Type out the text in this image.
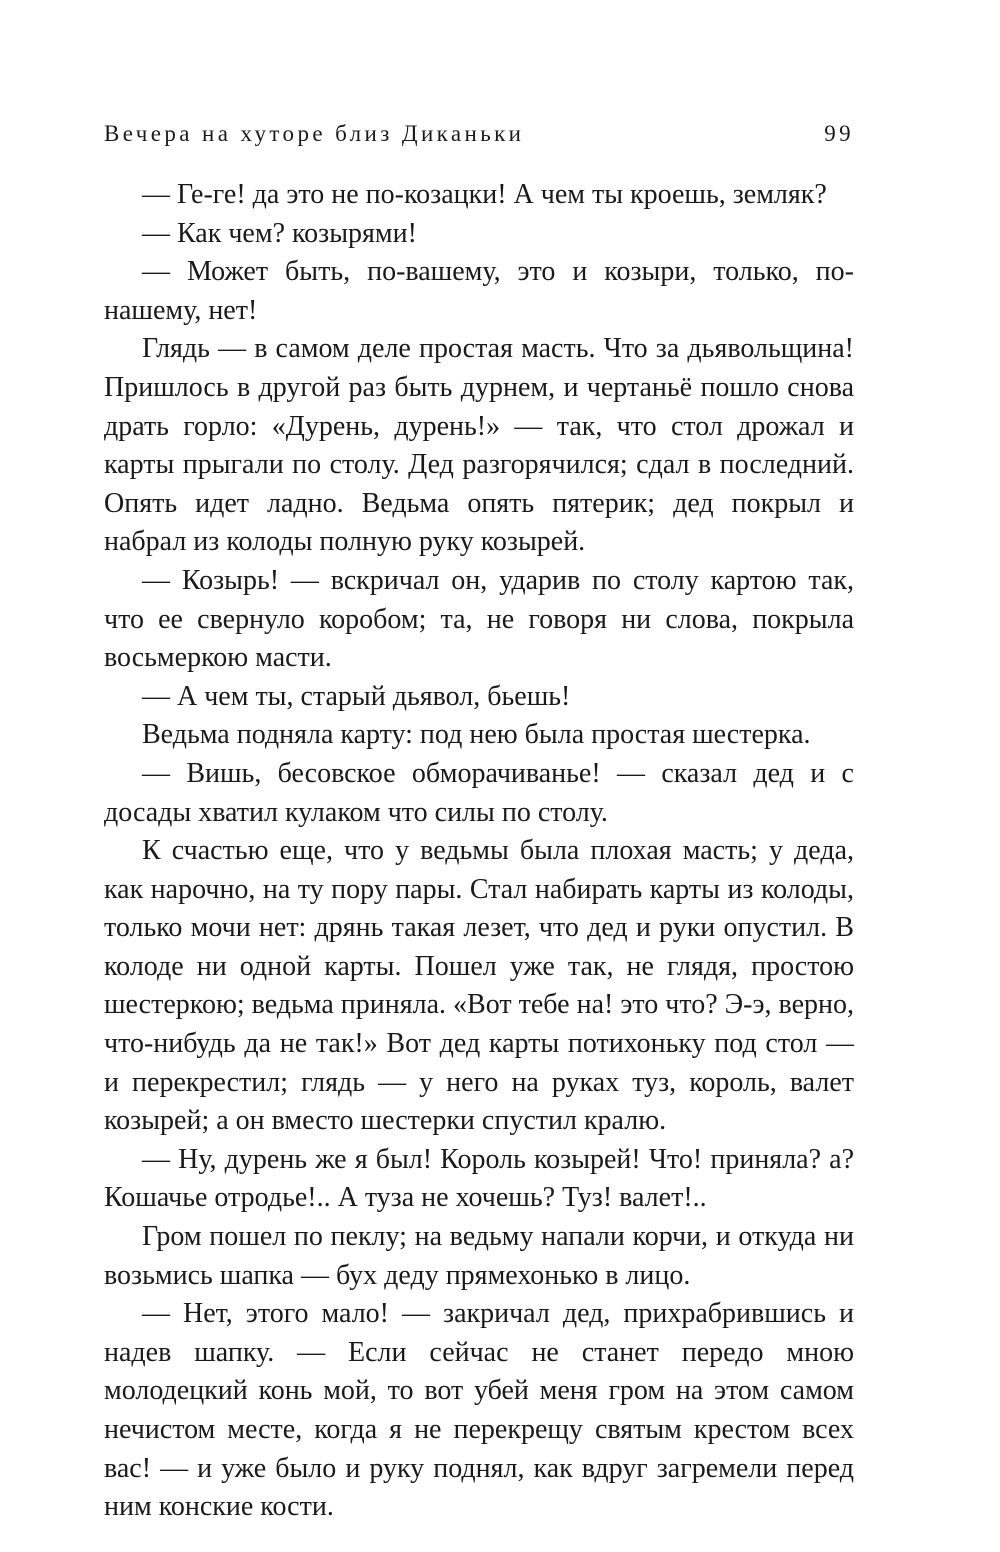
Вечера на хуторе близ Диканьки	99

— Ге-ге! да это не по-козацки! А чем ты кроешь, земляк?

— Как чем? козырями!

— Может быть, по-вашему, это и козыри, только, по-нашему, нет!

Глядь — в самом деле простая масть. Что за дьявольщина! Пришлось в другой раз быть дурнем, и чертаньё пошло снова драть горло: «Дурень, дурень!» — так, что стол дрожал и карты прыгали по столу. Дед разгорячился; сдал в последний. Опять идет ладно. Ведьма опять пятерик; дед покрыл и набрал из колоды полную руку козырей.

— Козырь! — вскричал он, ударив по столу картою так, что ее свернуло коробом; та, не говоря ни слова, покрыла восьмеркою масти.

— А чем ты, старый дьявол, бьешь!

Ведьма подняла карту: под нею была простая шестерка.

— Вишь, бесовское обморачиванье! — сказал дед и с досады хватил кулаком что силы по столу.

К счастью еще, что у ведьмы была плохая масть; у деда, как нарочно, на ту пору пары. Стал набирать карты из колоды, только мочи нет: дрянь такая лезет, что дед и руки опустил. В колоде ни одной карты. Пошел уже так, не глядя, простою шестеркою; ведьма приняла. «Вот тебе на! это что? Э-э, верно, что-нибудь да не так!» Вот дед карты потихоньку под стол — и перекрестил; глядь — у него на руках туз, король, валет козырей; а он вместо шестерки спустил кралю.

— Ну, дурень же я был! Король козырей! Что! приняла? а? Кошачье отродье!.. А туза не хочешь? Туз! валет!..

Гром пошел по пеклу; на ведьму напали корчи, и откуда ни возьмись шапка — бух деду прямехонько в лицо.

— Нет, этого мало! — закричал дед, прихрабрившись и надев шапку. — Если сейчас не станет передо мною молодецкий конь мой, то вот убей меня гром на этом самом нечистом месте, когда я не перекрещу святым крестом всех вас! — и уже было и руку поднял, как вдруг загремели перед ним конские кости.
